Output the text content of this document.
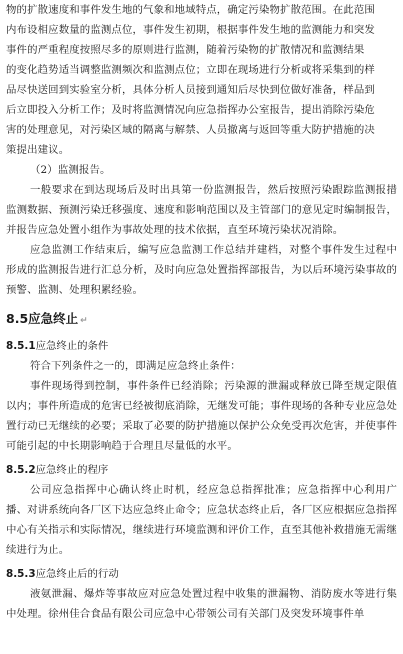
物的扩散速度和事件发生地的气象和地域特点，确定污染物扩散范围。在此范围

内布设相应数量的监测点位，事件发生初期，根据事件发生地的监测能力和突发

事件的严重程度按照尽多的原则进行监测，随着污染物的扩散情况和监测结果

的变化趋势适当调整监测频次和监测点位；立即在现场进行分析或将采集到的样

品尽快送回到实验室分析，具体分析人员接到通知后尽快到位做好准备，样品到

后立即投入分析工作；及时将监测情况向应急指挥办公室报告，提出消除污染危

害的处理意见，对污染区域的隔离与解禁、人员撤离与返回等重大防护措施的决

策提出建议。

（2）监测报告。

一般要求在到达现场后及时出具第一份监测报告，然后按照污染跟踪监测报措监测数据、预测污染迁移强度、速度和影响范围以及主管部门的意见定时编制报告，并报告应急处置小组作为事故处理的技术依据，直至环境污染状况消除。

应急监测工作结束后，编写应急监测工作总结并建档，对整个事件发生过程中形成的监测报告进行汇总分析，及时向应急处置指挥部报告，为以后环境污染事故的预警、监测、处理积累经验。

8.5应急终止 ↵
8.5.1应急终止的条件

符合下列条件之一的，即满足应急终止条件：

事件现场得到控制，事件条件已经消除；污染源的泄漏或释放已降至规定限值以内；事件所造成的危害已经被彻底消除，无继发可能；事件现场的各种专业应急处置行动已无继续的必要；采取了必要的防护措施以保护公众免受再次危害，并使事件可能引起的中长期影响趋于合理且尽量低的水平。

8.5.2应急终止的程序

公司应急指挥中心确认终止时机，经应急总指挥批准；应急指挥中心利用广播、对讲系统向各厂区下达应急终止命令；应急状态终止后，各厂区应根据应急指挥中心有关指示和实际情况，继续进行环境监测和评价工作，直至其他补救措施无需继续进行为止。

8.5.3应急终止后的行动

液氨泄漏、爆炸等事故应对应急处置过程中收集的泄漏物、消防废水等进行集中处理。徐州佳合食品有限公司应急中心带领公司有关部门及突发环境事件单
